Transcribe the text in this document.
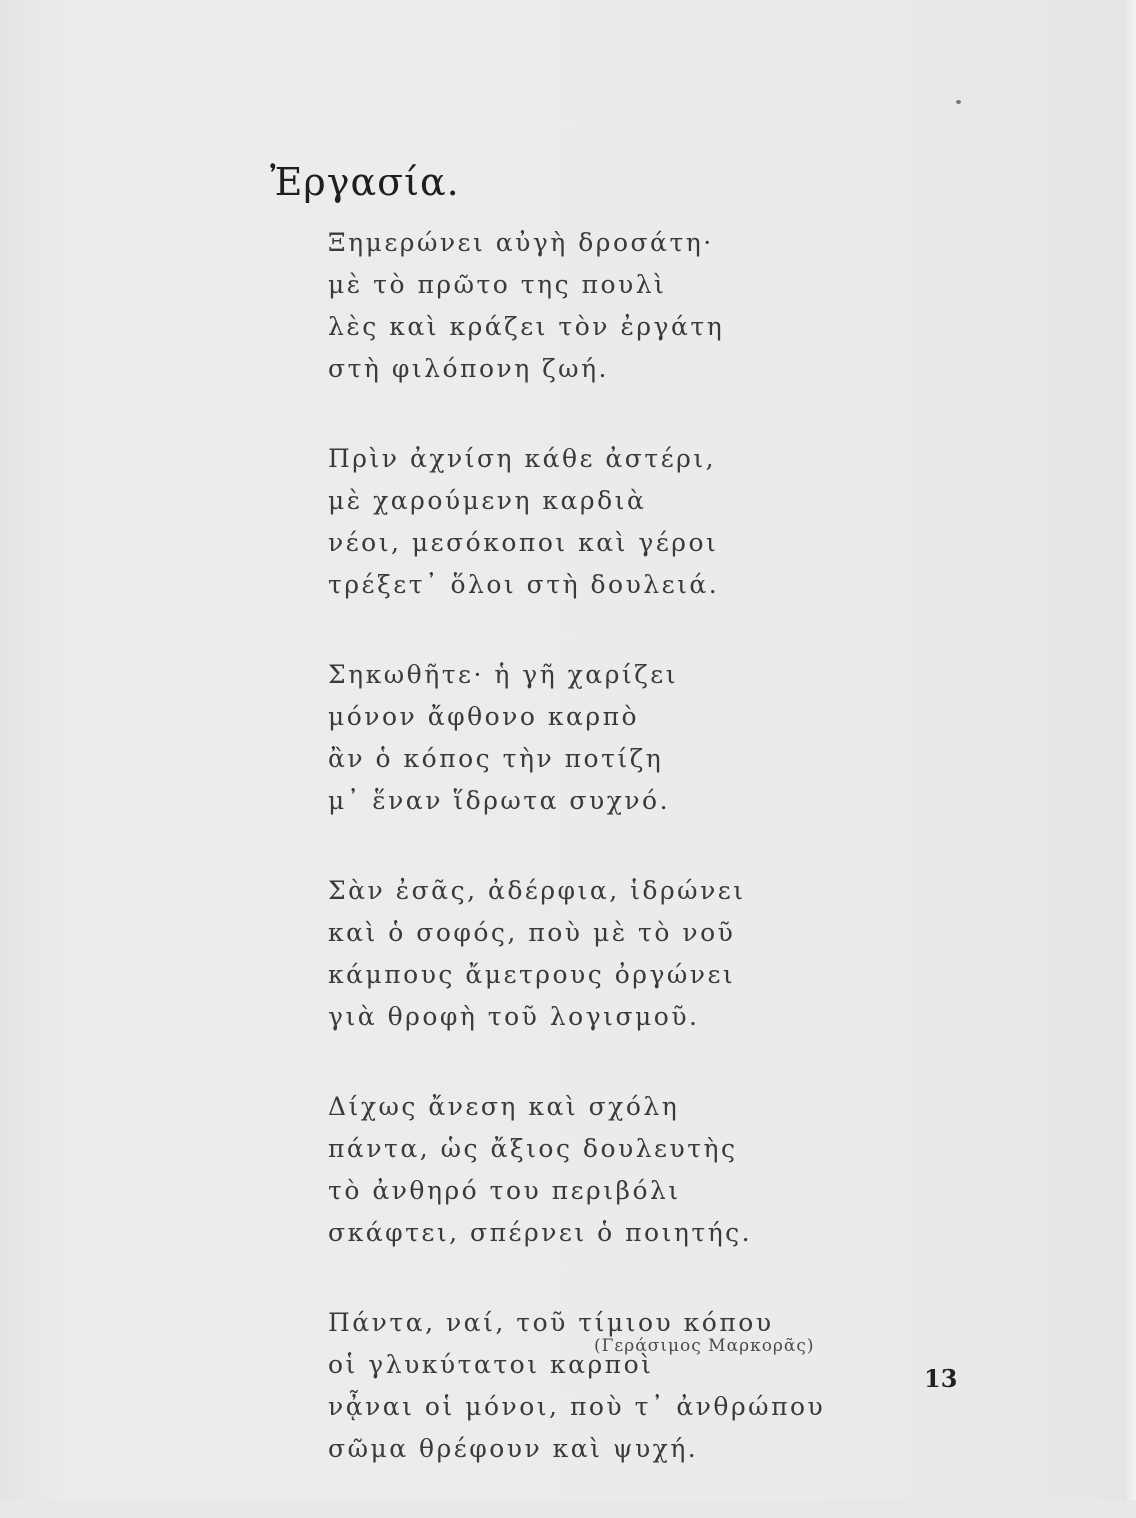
Ἐργασία.
Ξημερώνει αὐγὴ δροσάτη·
μὲ τὸ πρῶτο της πουλὶ
λὲς καὶ κράζει τὸν ἐργάτη
στὴ φιλόπονη ζωή.
Πρὶν ἀχνίση κάθε ἀστέρι,
μὲ χαρούμενη καρδιὰ
νέοι, μεσόκοποι καὶ γέροι
τρέξετ᾽ ὅλοι στὴ δουλειά.
Σηκωθῆτε· ἡ γῆ χαρίζει
μόνον ἄφθονο καρπὸ
ἂν ὁ κόπος τὴν ποτίζη
μ᾽ ἕναν ἵδρωτα συχνό.
Σὰν ἐσᾶς, ἀδέρφια, ἱδρώνει
καὶ ὁ σοφός, ποὺ μὲ τὸ νοῦ
κάμπους ἄμετρους ὀργώνει
γιὰ θροφὴ τοῦ λογισμοῦ.
Δίχως ἄνεση καὶ σχόλη
πάντα, ὡς ἄξιος δουλευτὴς
τὸ ἀνθηρό του περιβόλι
σκάφτει, σπέρνει ὁ ποιητής.
Πάντα, ναί, τοῦ τίμιου κόπου
οἱ γλυκύτατοι καρποὶ
νᾆναι οἱ μόνοι, ποὺ τ᾽ ἀνθρώπου
σῶμα θρέφουν καὶ ψυχή.
(Γεράσιμος Μαρκορᾶς)
13
